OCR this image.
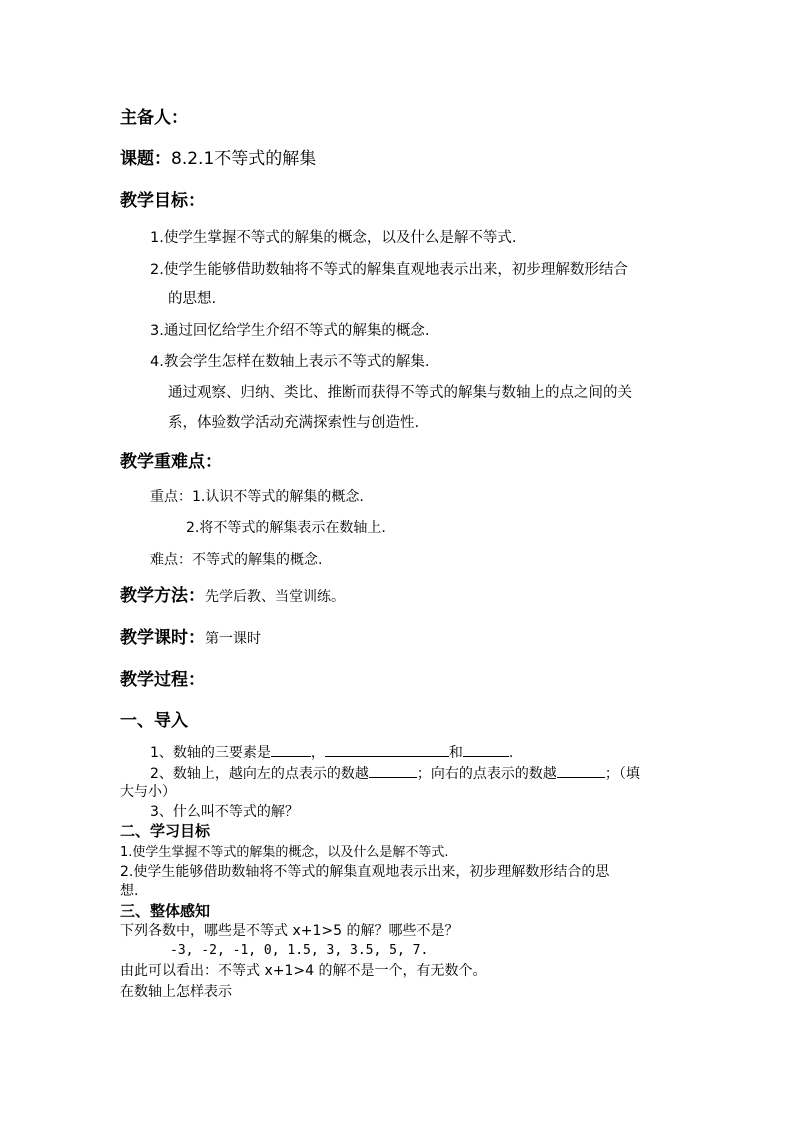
主备人：
课题：8.2.1不等式的解集
教学目标：
1.使学生掌握不等式的解集的概念，以及什么是解不等式.
2.使学生能够借助数轴将不等式的解集直观地表示出来，初步理解数形结合
的思想.
3.通过回忆给学生介绍不等式的解集的概念.
4.教会学生怎样在数轴上表示不等式的解集.
通过观察、归纳、类比、推断而获得不等式的解集与数轴上的点之间的关
系，体验数学活动充满探索性与创造性.
教学重难点：
重点：1.认识不等式的解集的概念.
2.将不等式的解集表示在数轴上.
难点：不等式的解集的概念.
教学方法：先学后教、当堂训练。
教学课时：第一课时
教学过程：
一、导入
1、数轴的三要素是	，	和	.
2、数轴上，越向左的点表示的数越	；向右的点表示的数越	；（填
大与小）
3、什么叫不等式的解？
二、学习目标
1.使学生掌握不等式的解集的概念，以及什么是解不等式.
2.使学生能够借助数轴将不等式的解集直观地表示出来，初步理解数形结合的思
想.
三、整体感知
下列各数中，哪些是不等式 x+1>5 的解？哪些不是？
-3, -2, -1, 0, 1.5, 3, 3.5, 5, 7.
由此可以看出：不等式 x+1>4 的解不是一个，有无数个。
在数轴上怎样表示
